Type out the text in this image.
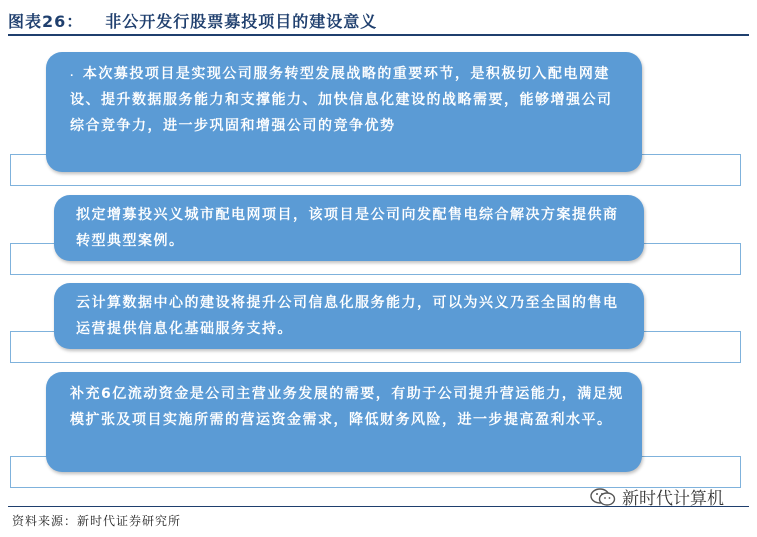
图表26： 非公开发行股票募投项目的建设意义
. 本次募投项目是实现公司服务转型发展战略的重要环节，是积极切入配电网建设、提升数据服务能力和支撑能力、加快信息化建设的战略需要，能够增强公司综合竞争力，进一步巩固和增强公司的竞争优势
拟定增募投兴义城市配电网项目，该项目是公司向发配售电综合解决方案提供商转型典型案例。
云计算数据中心的建设将提升公司信息化服务能力，可以为兴义乃至全国的售电运营提供信息化基础服务支持。
补充6亿流动资金是公司主营业务发展的需要，有助于公司提升营运能力，满足规模扩张及项目实施所需的营运资金需求，降低财务风险，进一步提高盈利水平。
新时代计算机
资料来源：新时代证券研究所
